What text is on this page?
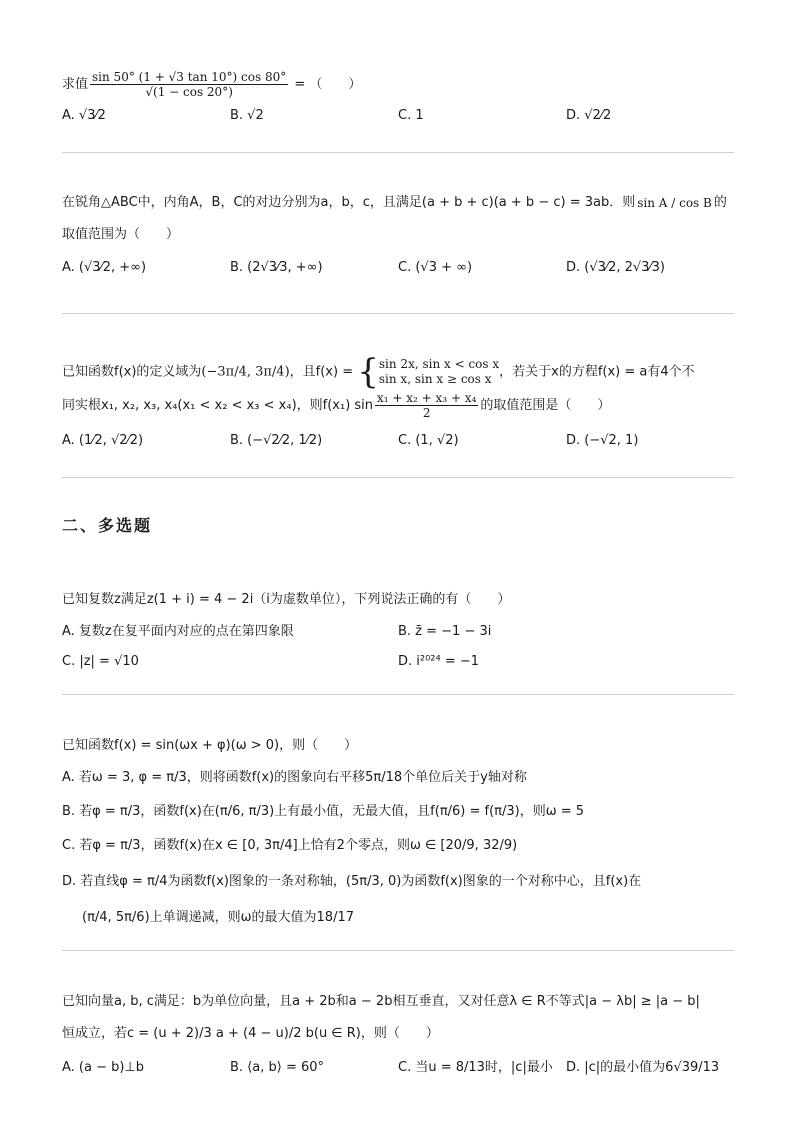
求值 $\frac{\sin 50^\circ (1 + √3 \tan 10^\circ) \cos 80^\circ}{√(1 - \cos 20^\circ)}$ = （　　）
A. √3⁄2	B. √2	C. 1	D. √2⁄2
在锐角△ABC中，内角A，B，C的对边分别为a，b，c，且满足(a + b + c)(a + b − c) = 3ab．则 sin A / cos B 的
取值范围为（　　）
A. (√3⁄2, +∞)	B. (2√3⁄3, +∞)	C. (√3 + ∞)	D. (√3⁄2, 2√3⁄3)
已知函数f(x)的定义域为(−3π/4, 3π/4)，且f(x) = { sin 2x, sin x < cos x
sin x, sin x ≥ cos x ，若关于x的方程f(x) = a有4个不
同实根x₁, x₂, x₃, x₄(x₁ < x₂ < x₃ < x₄)，则f(x₁) $\sin \frac{\text{x₁ + x₂ + x₃ + x₄}}{2}$ 的取值范围是（　　）
A. (1⁄2, √2⁄2)	B. (−√2⁄2, 1⁄2)	C. (1, √2)	D. (−√2, 1)
二、多选题
已知复数z满足z(1 + i) = 4 − 2i（i为虚数单位），下列说法正确的有（　　）
A. 复数z在复平面内对应的点在第四象限	B. z̄ = −1 − 3i
C. |z| = √10	D. i²⁰²⁴ = −1
已知函数f(x) = sin(ωx + φ)(ω > 0)，则（　　）
A. 若ω = 3, φ = π/3，则将函数f(x)的图象向右平移5π/18个单位后关于y轴对称
B. 若φ = π/3，函数f(x)在(π/6, π/3)上有最小值，无最大值，且f(π/6) = f(π/3)，则ω = 5
C. 若φ = π/3，函数f(x)在x ∈ [0, 3π/4]上恰有2个零点，则ω ∈ [20/9, 32/9)
D. 若直线φ = π/4为函数f(x)图象的一条对称轴，(5π/3, 0)为函数f(x)图象的一个对称中心，且f(x)在
(π/4, 5π/6)上单调递减，则ω的最大值为18/17
已知向量a, b, c满足：b为单位向量，且a + 2b和a − 2b相互垂直，又对任意λ ∈ R不等式|a − λb| ≥ |a − b|
恒成立，若c = (u + 2)/3 a + (4 − u)/2 b(u ∈ R)，则（　　）
A. (a − b)⊥b	B. ⟨a, b⟩ = 60°	C. 当u = 8/13时，|c|最小 D. |c|的最小值为6√39/13
